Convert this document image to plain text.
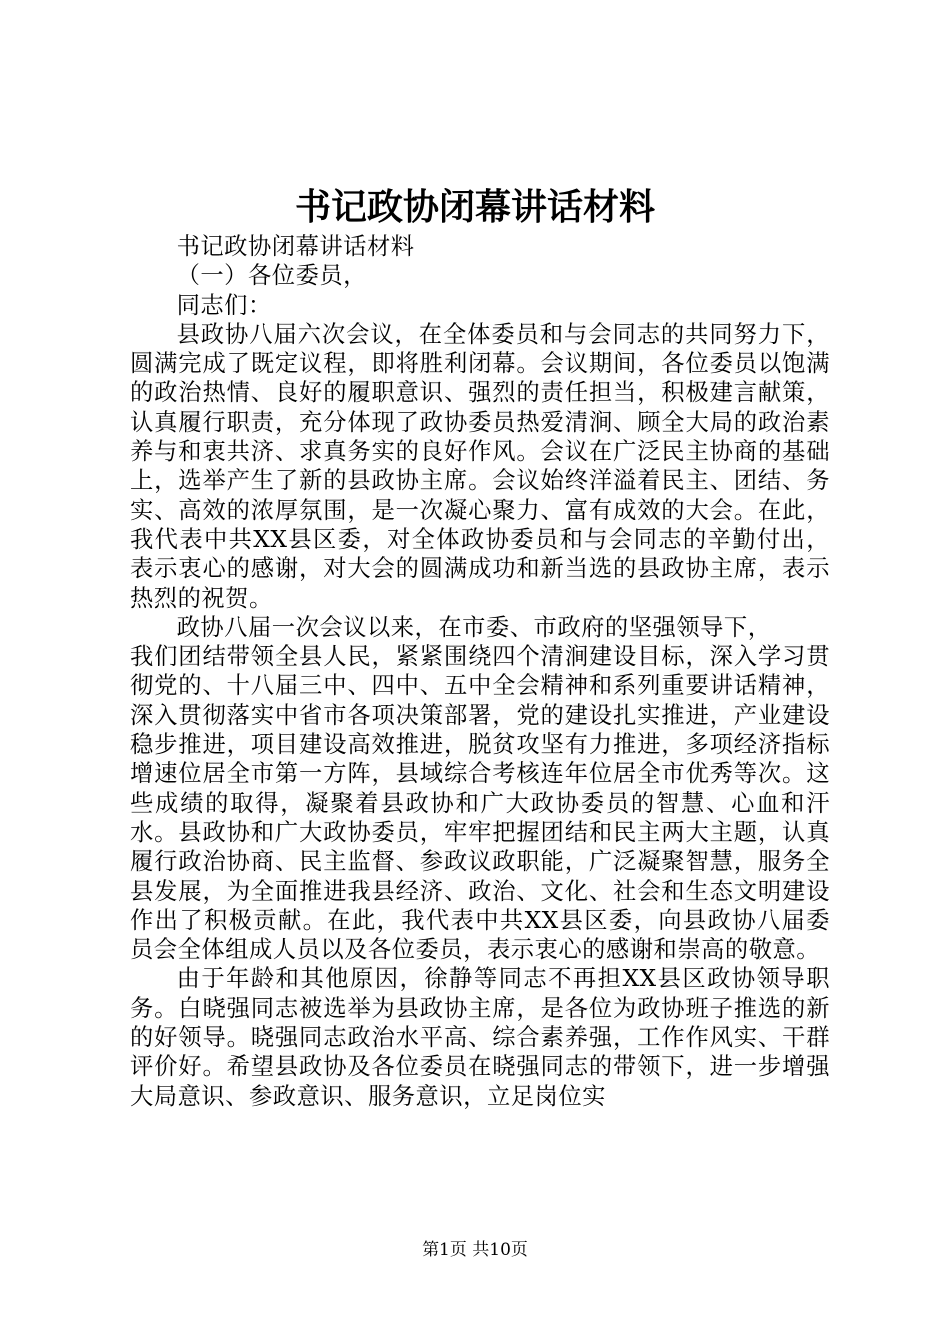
书记政协闭幕讲话材料

书记政协闭幕讲话材料

（一）各位委员，

同志们：

县政协八届六次会议，在全体委员和与会同志的共同努力下，圆满完成了既定议程，即将胜利闭幕。会议期间，各位委员以饱满的政治热情、良好的履职意识、强烈的责任担当，积极建言献策，认真履行职责，充分体现了政协委员热爱清涧、顾全大局的政治素养与和衷共济、求真务实的良好作风。会议在广泛民主协商的基础上，选举产生了新的县政协主席。会议始终洋溢着民主、团结、务实、高效的浓厚氛围，是一次凝心聚力、富有成效的大会。在此，我代表中共XX县区委，对全体政协委员和与会同志的辛勤付出，表示衷心的感谢，对大会的圆满成功和新当选的县政协主席，表示热烈的祝贺。

政协八届一次会议以来，在市委、市政府的坚强领导下，

我们团结带领全县人民，紧紧围绕四个清涧建设目标，深入学习贯彻党的、十八届三中、四中、五中全会精神和系列重要讲话精神，深入贯彻落实中省市各项决策部署，党的建设扎实推进，产业建设稳步推进，项目建设高效推进，脱贫攻坚有力推进，多项经济指标增速位居全市第一方阵，县域综合考核连年位居全市优秀等次。这些成绩的取得，凝聚着县政协和广大政协委员的智慧、心血和汗水。县政协和广大政协委员，牢牢把握团结和民主两大主题，认真履行政治协商、民主监督、参政议政职能，广泛凝聚智慧，服务全县发展，为全面推进我县经济、政治、文化、社会和生态文明建设作出了积极贡献。在此，我代表中共XX县区委，向县政协八届委员会全体组成人员以及各位委员，表示衷心的感谢和崇高的敬意。

由于年龄和其他原因，徐静等同志不再担XX县区政协领导职务。白晓强同志被选举为县政协主席，是各位为政协班子推选的新的好领导。晓强同志政治水平高、综合素养强，工作作风实、干群评价好。希望县政协及各位委员在晓强同志的带领下，进一步增强大局意识、参政意识、服务意识，立足岗位实

第1页 共10页
